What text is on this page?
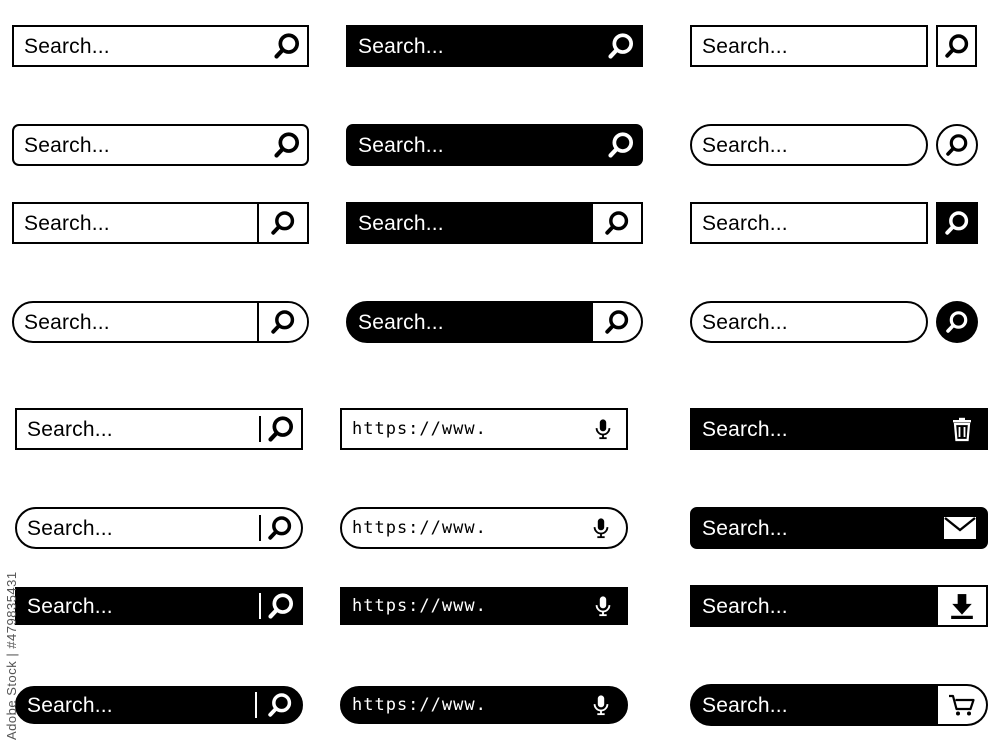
Search...	Search...	Search...
Search...	Search...	Search...
Search...	Search...	Search...
Search...	Search...	Search...
Search...	https://www.	Search...
Search...	https://www.	Search...
Search...	https://www.	Search...
Search...	https://www.	Search...
Adobe Stock | #479835431
